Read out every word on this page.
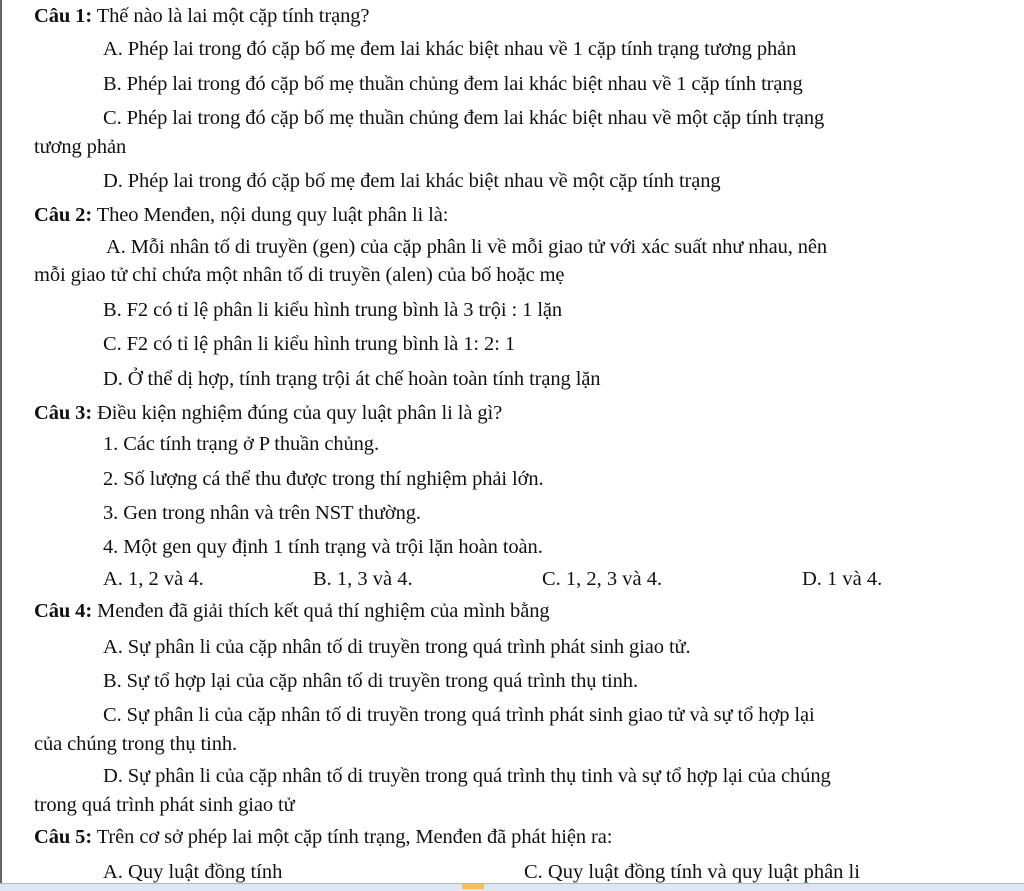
Câu 1: Thế nào là lai một cặp tính trạng?
A. Phép lai trong đó cặp bố mẹ đem lai khác biệt nhau về 1 cặp tính trạng tương phản
B. Phép lai trong đó cặp bố mẹ thuần chủng đem lai khác biệt nhau về 1 cặp tính trạng
C. Phép lai trong đó cặp bố mẹ thuần chủng đem lai khác biệt nhau về một cặp tính trạng
tương phản
D. Phép lai trong đó cặp bố mẹ đem lai khác biệt nhau về một cặp tính trạng
Câu 2: Theo Menđen, nội dung quy luật phân li là:
A. Mỗi nhân tố di truyền (gen) của cặp phân li về mỗi giao tử với xác suất như nhau, nên
mỗi giao tử chỉ chứa một nhân tố di truyền (alen) của bố hoặc mẹ
B. F2 có tỉ lệ phân li kiểu hình trung bình là 3 trội : 1 lặn
C. F2 có tỉ lệ phân li kiểu hình trung bình là 1: 2: 1
D. Ở thể dị hợp, tính trạng trội át chế hoàn toàn tính trạng lặn
Câu 3: Điều kiện nghiệm đúng của quy luật phân li là gì?
1. Các tính trạng ở P thuần chủng.
2. Số lượng cá thể thu được trong thí nghiệm phải lớn.
3. Gen trong nhân và trên NST thường.
4. Một gen quy định 1 tính trạng và trội lặn hoàn toàn.
A. 1, 2 và 4.	B. 1, 3 và 4.	C. 1, 2, 3 và 4.	D. 1 và 4.
Câu 4: Menđen đã giải thích kết quả thí nghiệm của mình bằng
A. Sự phân li của cặp nhân tố di truyền trong quá trình phát sinh giao tử.
B. Sự tổ hợp lại của cặp nhân tố di truyền trong quá trình thụ tinh.
C. Sự phân li của cặp nhân tố di truyền trong quá trình phát sinh giao tử và sự tổ hợp lại
của chúng trong thụ tinh.
D. Sự phân li của cặp nhân tố di truyền trong quá trình thụ tinh và sự tổ hợp lại của chúng
trong quá trình phát sinh giao tử
Câu 5: Trên cơ sở phép lai một cặp tính trạng, Menđen đã phát hiện ra:
A. Quy luật đồng tính	C. Quy luật đồng tính và quy luật phân li
